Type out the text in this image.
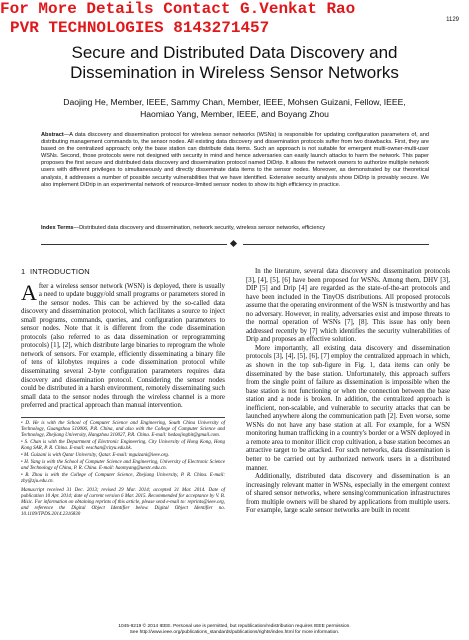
For More Details Contact G.Venkat Rao
PVR TECHNOLOGIES 8143271457	1129
Secure and Distributed Data Discovery and
Dissemination in Wireless Sensor Networks
Daojing He, Member, IEEE, Sammy Chan, Member, IEEE, Mohsen Guizani, Fellow, IEEE,
Haomiao Yang, Member, IEEE, and Boyang Zhou
Abstract—A data discovery and dissemination protocol for wireless sensor networks (WSNs) is responsible for updating configuration parameters of, and distributing management commands to, the sensor nodes. All existing data discovery and dissemination protocols suffer from two drawbacks. First, they are based on the centralized approach; only the base station can distribute data items. Such an approach is not suitable for emergent multi-owner-multi-user WSNs. Second, those protocols were not designed with security in mind and hence adversaries can easily launch attacks to harm the network. This paper proposes the first secure and distributed data discovery and dissemination protocol named DiDrip. It allows the network owners to authorize multiple network users with different privileges to simultaneously and directly disseminate data items to the sensor nodes. Moreover, as demonstrated by our theoretical analysis, it addresses a number of possible security vulnerabilities that we have identified. Extensive security analysis show DiDrip is provably secure. We also implement DiDrip in an experimental network of resource-limited sensor nodes to show its high efficiency in practice.
Index Terms—Distributed data discovery and dissemination, network security, wireless sensor networks, efficiency
1 INTRODUCTION

After a wireless sensor network (WSN) is deployed, there is usually a need to update buggy/old small programs or parameters stored in the sensor nodes. This can be achieved by the so-called data discovery and dissemination protocol, which facilitates a source to inject small programs, commands, queries, and configuration parameters to sensor nodes. Note that it is different from the code dissemination protocols (also referred to as data dissemination or reprogramming protocols) [1], [2], which distribute large binaries to reprogram the whole network of sensors. For example, efficiently disseminating a binary file of tens of kilobytes requires a code dissemination protocol while disseminating several 2-byte configuration parameters requires data discovery and dissemination protocol. Considering the sensor nodes could be distributed in a harsh environment, remotely disseminating such small data to the sensor nodes through the wireless channel is a more preferred and practical approach than manual intervention.

• D. He is with the School of Computer Science and Engineering, South China University of Technology, Guangzhou 510006, P.R. China, and also with the College of Computer Science and Technology, Zhejiang University, Hangzhou 310027, P.R. China. E-mail: hedaojinghit@gmail.com.
• S. Chan is with the Department of Electronic Engineering, City University of Hong Kong, Hong Kong SAR, P. R. China. E-mail: eeschan@cityu.edu.hk.
• M. Guizani is with Qatar University, Qatar. E-mail: mguizani@ieee.org.
• H. Yang is with the School of Computer Science and Engineering, University of Electronic Science and Technology of China, P. R. China. E-mail: haomyang@uestc.edu.cn.
• B. Zhou is with the College of Computer Science, Zhejiang University, P. R. China. E-mail: zby@zju.edu.cn.
Manuscript received 31 Dec. 2013; revised 29 Mar. 2014; accepted 31 Mar. 2014. Date of publication 10 Apr. 2014; date of current version 6 Mar. 2015. Recommended for acceptance by V. B. Misic. For information on obtaining reprints of this article, please send e-mail to: reprints@ieee.org, and reference the Digital Object Identifier below. Digital Object Identifier no. 10.1109/TPDS.2014.2316830

In the literature, several data discovery and dissemination protocols [3], [4], [5], [6] have been proposed for WSNs. Among them, DHV [3], DIP [5] and Drip [4] are regarded as the state-of-the-art protocols and have been included in the TinyOS distributions. All proposed protocols assume that the operating environment of the WSN is trustworthy and has no adversary. However, in reality, adversaries exist and impose threats to the normal operation of WSNs [7], [8]. This issue has only been addressed recently by [7] which identifies the security vulnerabilities of Drip and proposes an effective solution.

More importantly, all existing data discovery and dissemination protocols [3], [4], [5], [6], [7] employ the centralized approach in which, as shown in the top sub-figure in Fig. 1, data items can only be disseminated by the base station. Unfortunately, this approach suffers from the single point of failure as dissemination is impossible when the base station is not functioning or when the connection between the base station and a node is broken. In addition, the centralized approach is inefficient, non-scalable, and vulnerable to security attacks that can be launched anywhere along the communication path [2]. Even worse, some WSNs do not have any base station at all. For example, for a WSN monitoring human trafficking in a country's border or a WSN deployed in a remote area to monitor illicit crop cultivation, a base station becomes an attractive target to be attacked. For such networks, data dissemination is better to be carried out by authorized network users in a distributed manner.

Additionally, distributed data discovery and dissemination is an increasingly relevant matter in WSNs, especially in the emergent context of shared sensor networks, where sensing/communication infrastructures from multiple owners will be shared by applications from multiple users. For example, large scale sensor networks are built in recent

1045-9219 © 2014 IEEE. Personal use is permitted, but republication/redistribution requires IEEE permission.
See http://www.ieee.org/publications_standards/publications/rights/index.html for more information.
